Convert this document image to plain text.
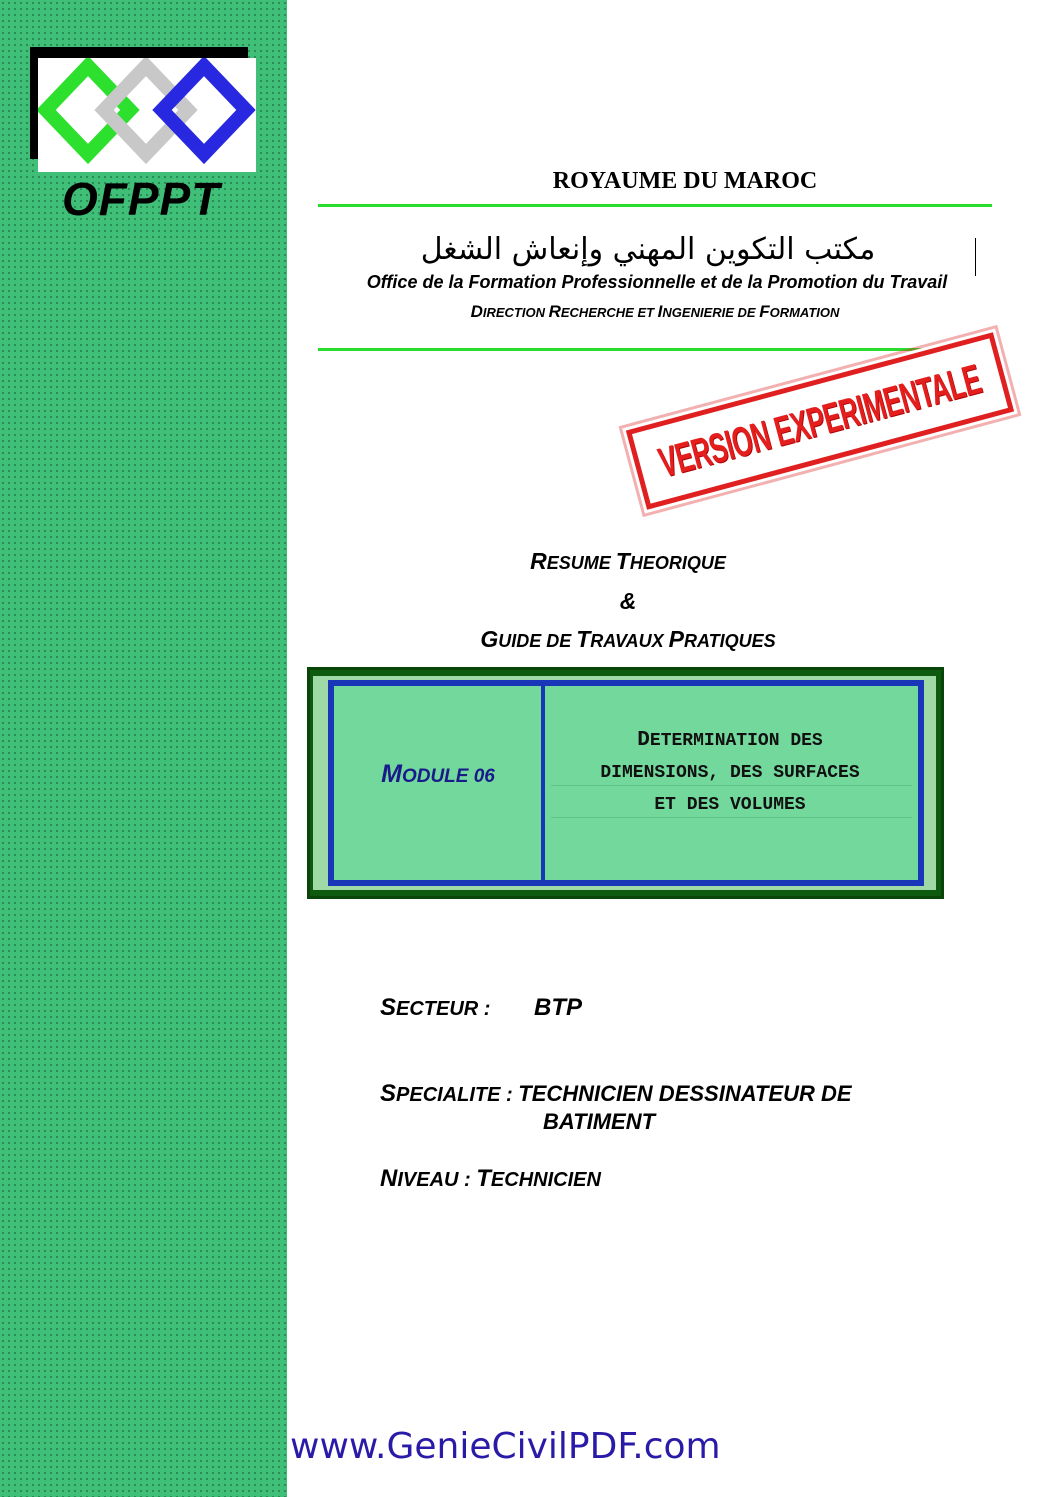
OFPPT	ROYAUME DU MAROC
مكتب التكوين المهني وإنعاش الشغل
Office de la Formation Professionnelle et de la Promotion du Travail
DIRECTION RECHERCHE ET INGENIERIE DE FORMATION
VERSION EXPERIMENTALE
RESUME THEORIQUE
&
GUIDE DE TRAVAUX PRATIQUES
MODULE 06
DETERMINATION DES
DIMENSIONS, DES SURFACES
ET DES VOLUMES
SECTEUR : BTP
SPECIALITE : TECHNICIEN DESSINATEUR DE
BATIMENT
NIVEAU : TECHNICIEN
www.GenieCivilPDF.com
